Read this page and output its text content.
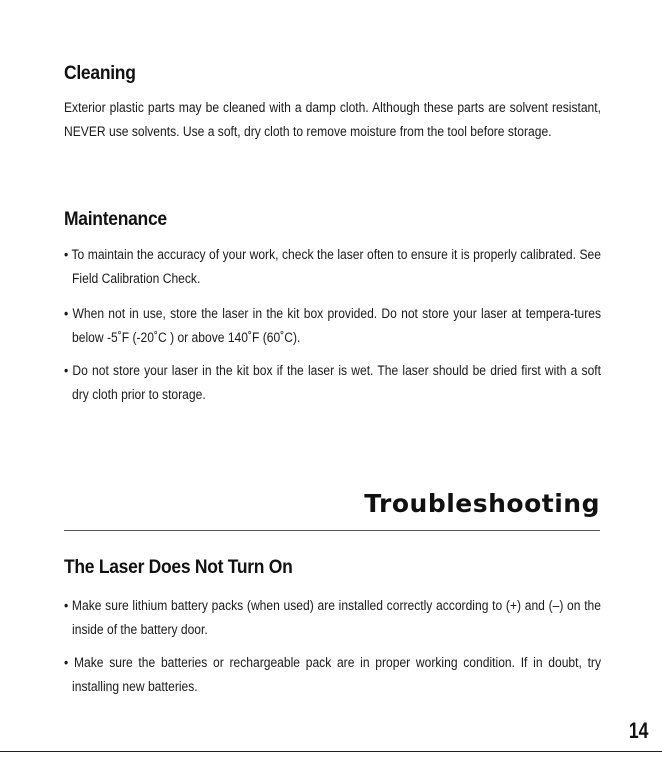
Cleaning

Exterior plastic parts may be cleaned with a damp cloth. Although these parts are solvent resistant, NEVER use solvents. Use a soft, dry cloth to remove moisture from the tool before storage.

Maintenance

• To maintain the accuracy of your work, check the laser often to ensure it is properly calibrated. See Field Calibration Check.

• When not in use, store the laser in the kit box provided. Do not store your laser at tempera-tures below -5˚F (-20˚C ) or above 140˚F (60˚C).

• Do not store your laser in the kit box if the laser is wet. The laser should be dried first with a soft dry cloth prior to storage.

Troubleshooting
The Laser Does Not Turn On

• Make sure lithium battery packs (when used) are installed correctly according to (+) and (–) on the inside of the battery door.

• Make sure the batteries or rechargeable pack are in proper working condition. If in doubt, try installing new batteries.

14
